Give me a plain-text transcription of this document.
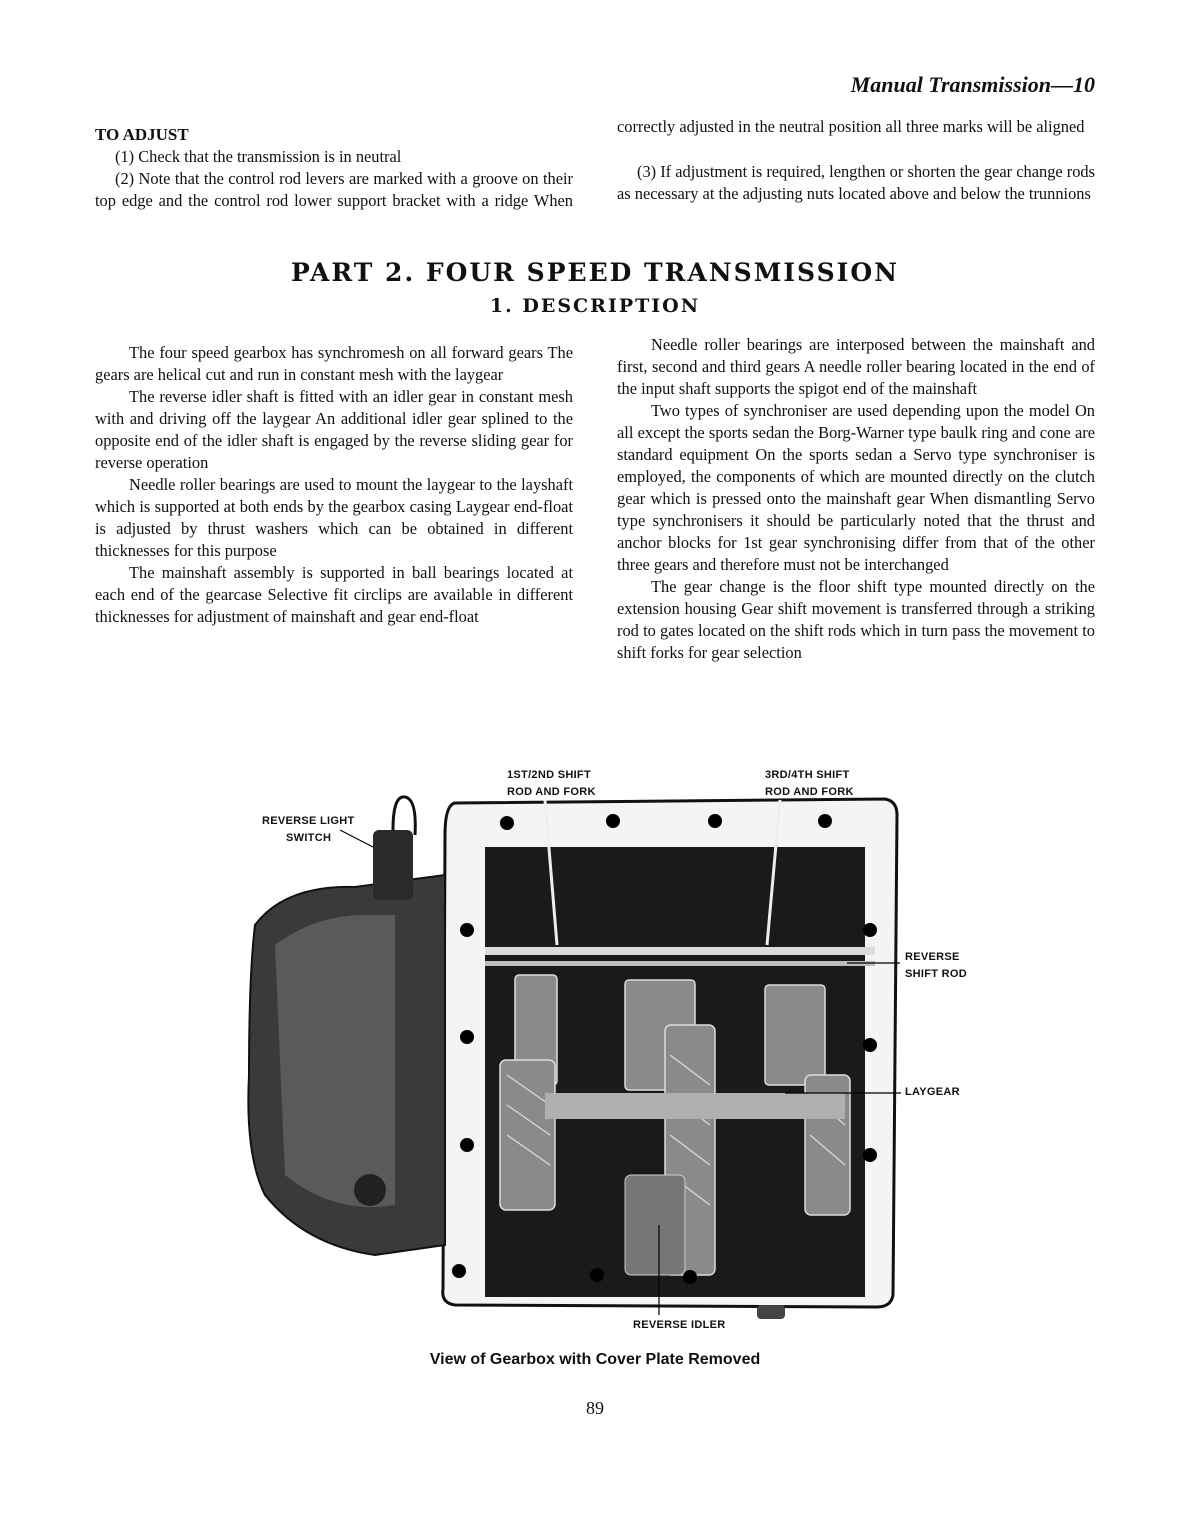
Manual Transmission—10

TO ADJUST

(1) Check that the transmission is in neutral

(2) Note that the control rod levers are marked with a groove on their top edge and the control rod lower support bracket with a ridge When

correctly adjusted in the neutral position all three marks will be aligned

(3) If adjustment is required, lengthen or shorten the gear change rods as necessary at the adjusting nuts located above and below the trunnions

PART 2. FOUR SPEED TRANSMISSION
1. DESCRIPTION

The four speed gearbox has synchromesh on all forward gears The gears are helical cut and run in constant mesh with the laygear

The reverse idler shaft is fitted with an idler gear in constant mesh with and driving off the laygear An additional idler gear splined to the opposite end of the idler shaft is engaged by the reverse sliding gear for reverse operation

Needle roller bearings are used to mount the laygear to the layshaft which is supported at both ends by the gearbox casing Laygear end-float is adjusted by thrust washers which can be obtained in different thicknesses for this purpose

The mainshaft assembly is supported in ball bearings located at each end of the gearcase Selective fit circlips are available in different thicknesses for adjustment of mainshaft and gear end-float

Needle roller bearings are interposed between the mainshaft and first, second and third gears A needle roller bearing located in the end of the input shaft supports the spigot end of the mainshaft

Two types of synchroniser are used depending upon the model On all except the sports sedan the Borg-Warner type baulk ring and cone are standard equipment On the sports sedan a Servo type synchroniser is employed, the components of which are mounted directly on the clutch gear which is pressed onto the mainshaft gear When dismantling Servo type synchronisers it should be particularly noted that the thrust and anchor blocks for 1st gear synchronising differ from that of the other three gears and therefore must not be interchanged

The gear change is the floor shift type mounted directly on the extension housing Gear shift movement is transferred through a striking rod to gates located on the shift rods which in turn pass the movement to shift forks for gear selection

1ST/2ND SHIFT
ROD AND FORK
3RD/4TH SHIFT
ROD AND FORK
REVERSE LIGHT
SWITCH
REVERSE
SHIFT ROD
LAYGEAR
REVERSE IDLER
View of Gearbox with Cover Plate Removed
89
